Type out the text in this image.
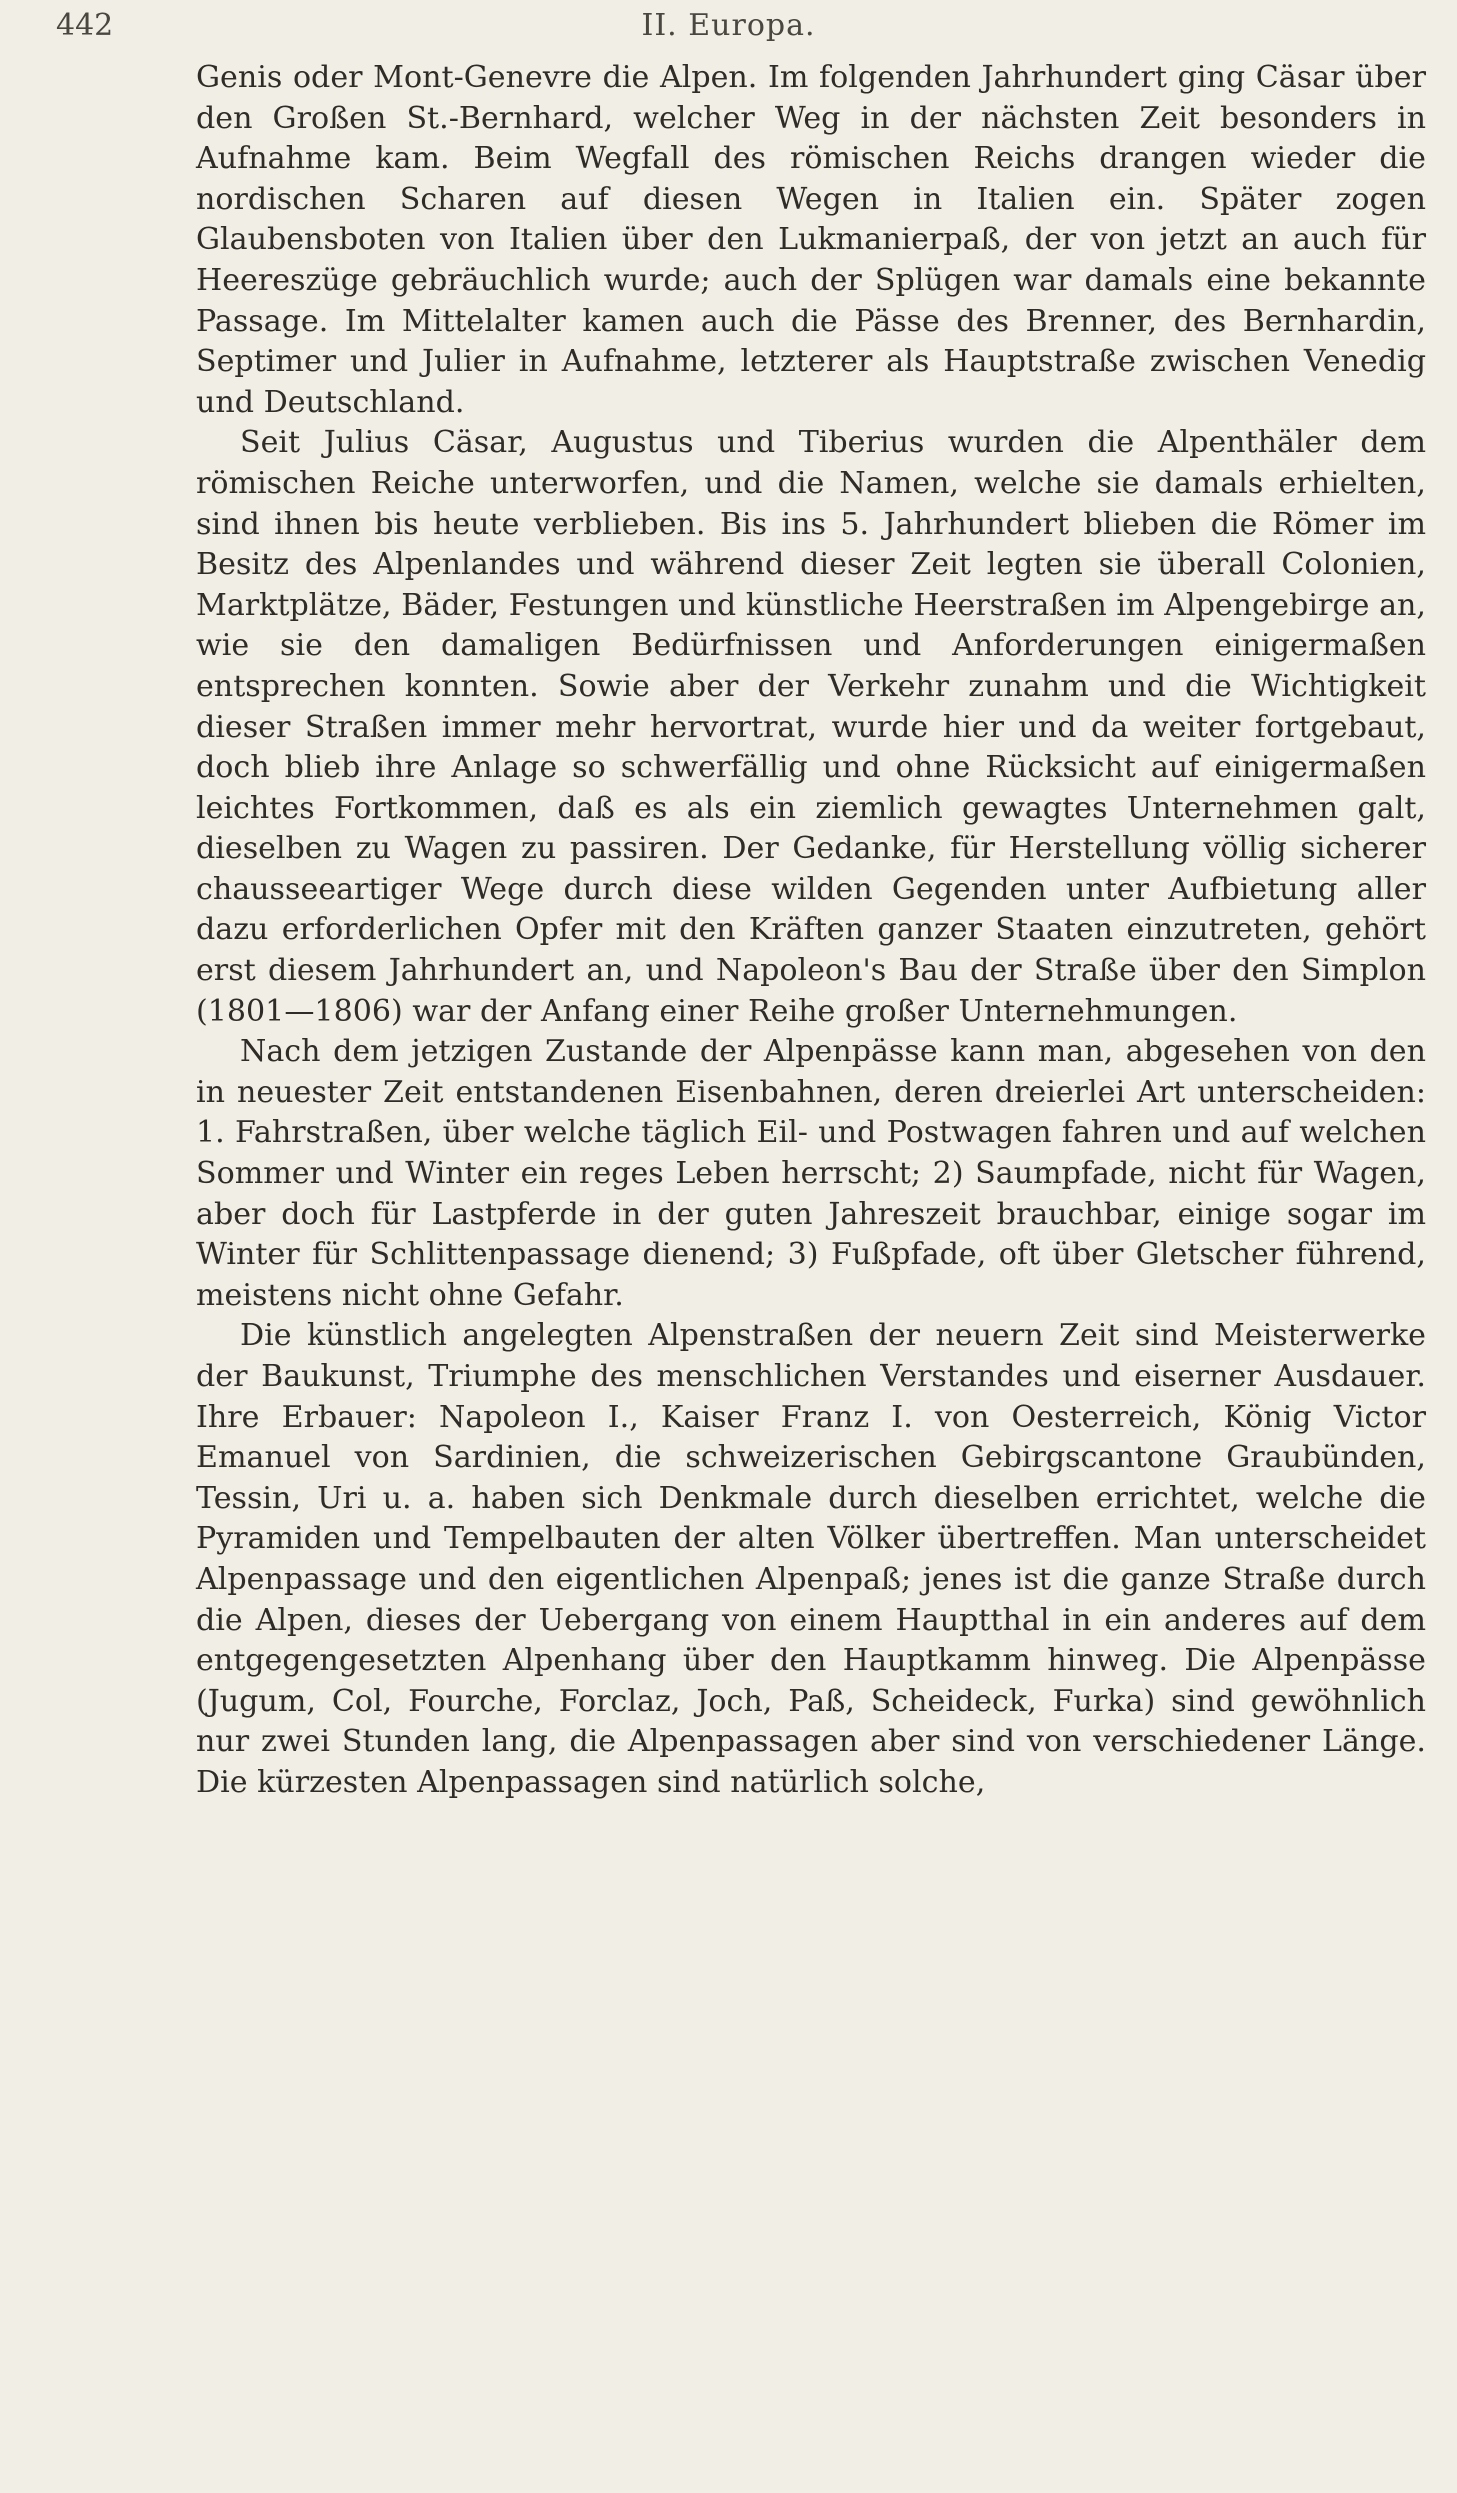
442	II. Europa.

Genis oder Mont-Genevre die Alpen. Im folgenden Jahrhundert ging Cäsar über den Großen St.-Bernhard, welcher Weg in der nächsten Zeit besonders in Aufnahme kam. Beim Wegfall des römischen Reichs drangen wieder die nordischen Scharen auf diesen Wegen in Italien ein. Später zogen Glaubensboten von Italien über den Lukmanierpaß, der von jetzt an auch für Heereszüge gebräuchlich wurde; auch der Splügen war damals eine bekannte Passage. Im Mittelalter kamen auch die Pässe des Brenner, des Bernhardin, Septimer und Julier in Aufnahme, letzterer als Hauptstraße zwischen Venedig und Deutschland.

Seit Julius Cäsar, Augustus und Tiberius wurden die Alpenthäler dem römischen Reiche unterworfen, und die Namen, welche sie damals erhielten, sind ihnen bis heute verblieben. Bis ins 5. Jahrhundert blieben die Römer im Besitz des Alpenlandes und während dieser Zeit legten sie überall Colonien, Marktplätze, Bäder, Festungen und künstliche Heerstraßen im Alpengebirge an, wie sie den damaligen Bedürfnissen und Anforderungen einigermaßen entsprechen konnten. Sowie aber der Verkehr zunahm und die Wichtigkeit dieser Straßen immer mehr hervortrat, wurde hier und da weiter fortgebaut, doch blieb ihre Anlage so schwerfällig und ohne Rücksicht auf einigermaßen leichtes Fortkommen, daß es als ein ziemlich gewagtes Unternehmen galt, dieselben zu Wagen zu passiren. Der Gedanke, für Herstellung völlig sicherer chausseeartiger Wege durch diese wilden Gegenden unter Aufbietung aller dazu erforderlichen Opfer mit den Kräften ganzer Staaten einzutreten, gehört erst diesem Jahrhundert an, und Napoleon's Bau der Straße über den Simplon (1801—1806) war der Anfang einer Reihe großer Unternehmungen.

Nach dem jetzigen Zustande der Alpenpässe kann man, abgesehen von den in neuester Zeit entstandenen Eisenbahnen, deren dreierlei Art unterscheiden: 1. Fahrstraßen, über welche täglich Eil- und Postwagen fahren und auf welchen Sommer und Winter ein reges Leben herrscht; 2) Saumpfade, nicht für Wagen, aber doch für Lastpferde in der guten Jahreszeit brauchbar, einige sogar im Winter für Schlittenpassage dienend; 3) Fußpfade, oft über Gletscher führend, meistens nicht ohne Gefahr.

Die künstlich angelegten Alpenstraßen der neuern Zeit sind Meisterwerke der Baukunst, Triumphe des menschlichen Verstandes und eiserner Ausdauer. Ihre Erbauer: Napoleon I., Kaiser Franz I. von Oesterreich, König Victor Emanuel von Sardinien, die schweizerischen Gebirgscantone Graubünden, Tessin, Uri u. a. haben sich Denkmale durch dieselben errichtet, welche die Pyramiden und Tempelbauten der alten Völker übertreffen. Man unterscheidet Alpenpassage und den eigentlichen Alpenpaß; jenes ist die ganze Straße durch die Alpen, dieses der Uebergang von einem Hauptthal in ein anderes auf dem entgegengesetzten Alpenhang über den Hauptkamm hinweg. Die Alpenpässe (Jugum, Col, Fourche, Forclaz, Joch, Paß, Scheideck, Furka) sind gewöhnlich nur zwei Stunden lang, die Alpenpassagen aber sind von verschiedener Länge. Die kürzesten Alpenpassagen sind natürlich solche,
